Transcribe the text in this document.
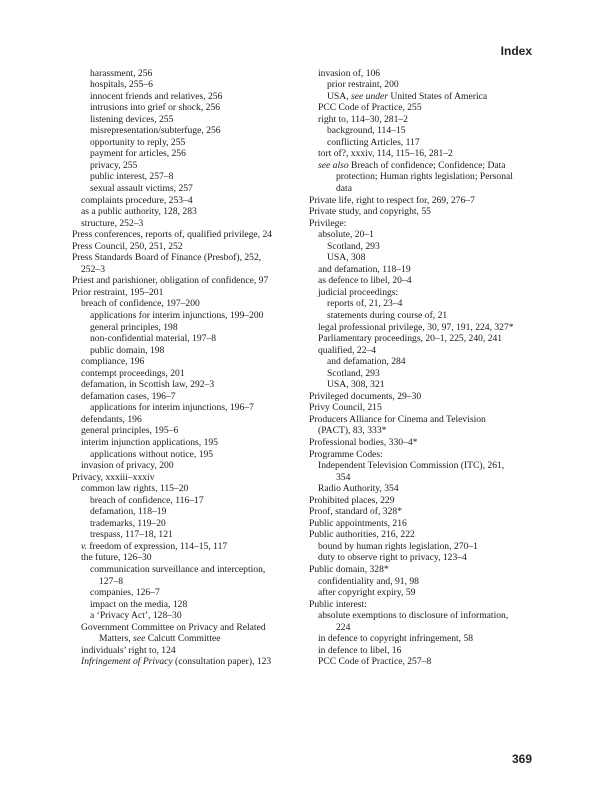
Index
harassment, 256
hospitals, 255–6
innocent friends and relatives, 256
intrusions into grief or shock, 256
listening devices, 255
misrepresentation/subterfuge, 256
opportunity to reply, 255
payment for articles, 256
privacy, 255
public interest, 257–8
sexual assault victims, 257
complaints procedure, 253–4
as a public authority, 128, 283
structure, 252–3
Press conferences, reports of, qualified privilege, 24
Press Council, 250, 251, 252
Press Standards Board of Finance (Presbof), 252,
252–3
Priest and parishioner, obligation of confidence, 97
Prior restraint, 195–201
breach of confidence, 197–200
applications for interim injunctions, 199–200
general principles, 198
non-confidential material, 197–8
public domain, 198
compliance, 196
contempt proceedings, 201
defamation, in Scottish law, 292–3
defamation cases, 196–7
applications for interim injunctions, 196–7
defendants, 196
general principles, 195–6
interim injunction applications, 195
applications without notice, 195
invasion of privacy, 200
Privacy, xxxiii–xxxiv
common law rights, 115–20
breach of confidence, 116–17
defamation, 118–19
trademarks, 119–20
trespass, 117–18, 121
v. freedom of expression, 114–15, 117
the future, 126–30
communication surveillance and interception,
127–8
companies, 126–7
impact on the media, 128
a ‘Privacy Act’, 128–30
Government Committee on Privacy and Related
Matters, see Calcutt Committee
individuals’ right to, 124
Infringement of Privacy (consultation paper), 123
invasion of, 106
prior restraint, 200
USA, see under United States of America
PCC Code of Practice, 255
right to, 114–30, 281–2
background, 114–15
conflicting Articles, 117
tort of?, xxxiv, 114, 115–16, 281–2
see also Breach of confidence; Confidence; Data
protection; Human rights legislation; Personal
data
Private life, right to respect for, 269, 276–7
Private study, and copyright, 55
Privilege:
absolute, 20–1
Scotland, 293
USA, 308
and defamation, 118–19
as defence to libel, 20–4
judicial proceedings:
reports of, 21, 23–4
statements during course of, 21
legal professional privilege, 30, 97, 191, 224, 327*
Parliamentary proceedings, 20–1, 225, 240, 241
qualified, 22–4
and defamation, 284
Scotland, 293
USA, 308, 321
Privileged documents, 29–30
Privy Council, 215
Producers Alliance for Cinema and Television
(PACT), 83, 333*
Professional bodies, 330–4*
Programme Codes:
Independent Television Commission (ITC), 261,
354
Radio Authority, 354
Prohibited places, 229
Proof, standard of, 328*
Public appointments, 216
Public authorities, 216, 222
bound by human rights legislation, 270–1
duty to observe right to privacy, 123–4
Public domain, 328*
confidentiality and, 91, 98
after copyright expiry, 59
Public interest:
absolute exemptions to disclosure of information,
224
in defence to copyright infringement, 58
in defence to libel, 16
PCC Code of Practice, 257–8
369
